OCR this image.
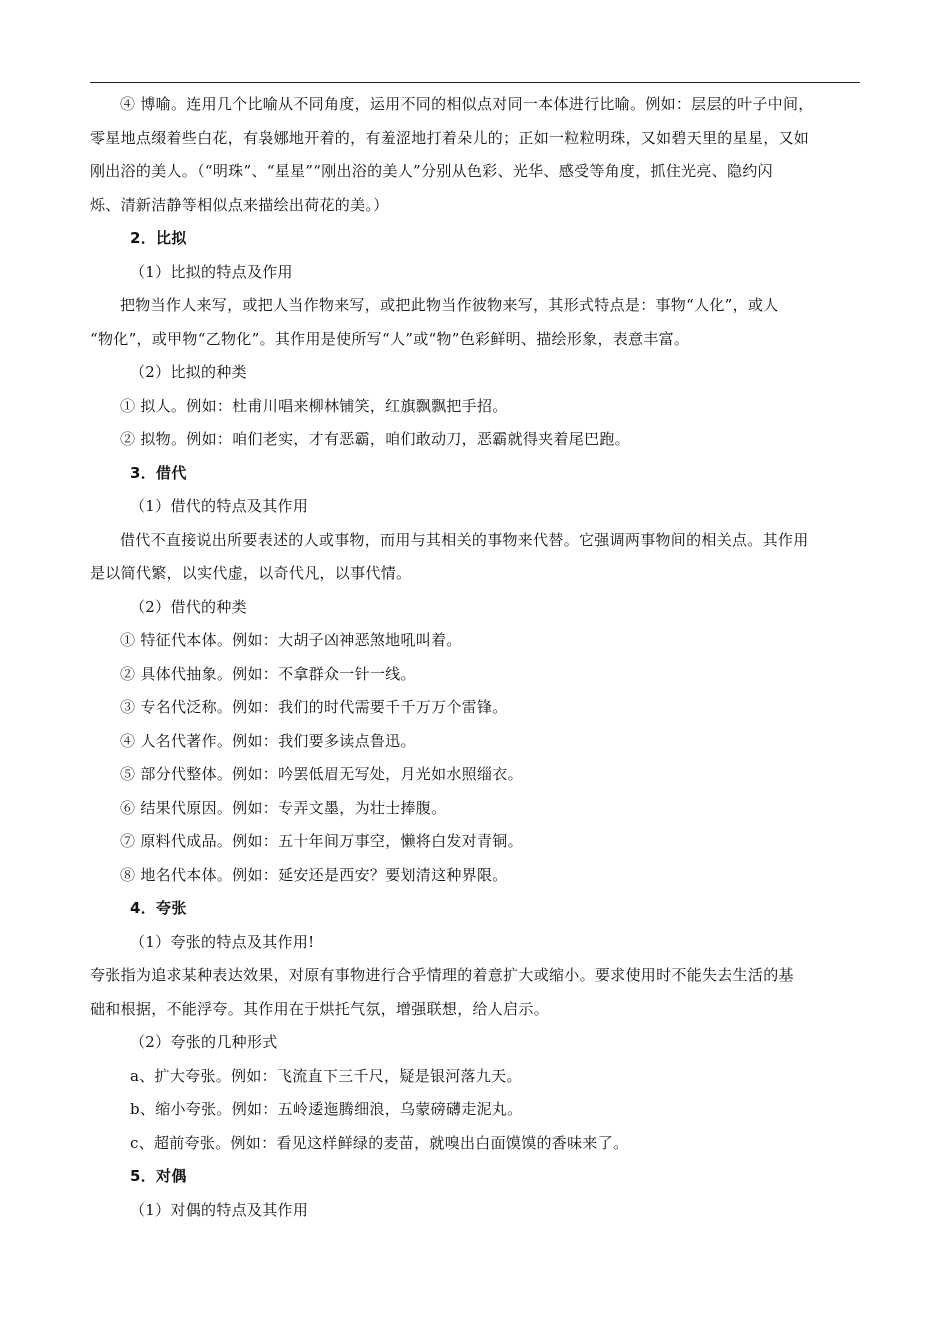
④ 博喻。连用几个比喻从不同角度，运用不同的相似点对同一本体进行比喻。例如：层层的叶子中间，
零星地点缀着些白花，有袅娜地开着的，有羞涩地打着朵儿的；正如一粒粒明珠，又如碧天里的星星，又如
刚出浴的美人。（“明珠”、“星星”“刚出浴的美人”分别从色彩、光华、感受等角度，抓住光亮、隐约闪
烁、清新洁静等相似点来描绘出荷花的美。）
2．比拟
（1）比拟的特点及作用
把物当作人来写，或把人当作物来写，或把此物当作彼物来写，其形式特点是：事物“人化”，或人
“物化”，或甲物“乙物化”。其作用是使所写“人”或“物”色彩鲜明、描绘形象，表意丰富。
（2）比拟的种类
① 拟人。例如：杜甫川唱来柳林铺笑，红旗飘飘把手招。
② 拟物。例如：咱们老实，才有恶霸，咱们敢动刀，恶霸就得夹着尾巴跑。
3．借代
（1）借代的特点及其作用
借代不直接说出所要表述的人或事物，而用与其相关的事物来代替。它强调两事物间的相关点。其作用
是以简代繁，以实代虚，以奇代凡，以事代情。
（2）借代的种类
① 特征代本体。例如：大胡子凶神恶煞地吼叫着。
② 具体代抽象。例如：不拿群众一针一线。
③ 专名代泛称。例如：我们的时代需要千千万万个雷锋。
④ 人名代著作。例如：我们要多读点鲁迅。
⑤ 部分代整体。例如：吟罢低眉无写处，月光如水照缁衣。
⑥ 结果代原因。例如：专弄文墨，为壮士捧腹。
⑦ 原料代成品。例如：五十年间万事空，懒将白发对青铜。
⑧ 地名代本体。例如：延安还是西安？要划清这种界限。
4．夸张
（1）夸张的特点及其作用!
夸张指为追求某种表达效果，对原有事物进行合乎情理的着意扩大或缩小。要求使用时不能失去生活的基
础和根据，不能浮夸。其作用在于烘托气氛，增强联想，给人启示。
（2）夸张的几种形式
a、扩大夸张。例如：飞流直下三千尺，疑是银河落九天。
b、缩小夸张。例如：五岭逶迤腾细浪，乌蒙磅礴走泥丸。
c、超前夸张。例如：看见这样鲜绿的麦苗，就嗅出白面馍馍的香味来了。
5．对偶
（1）对偶的特点及其作用
